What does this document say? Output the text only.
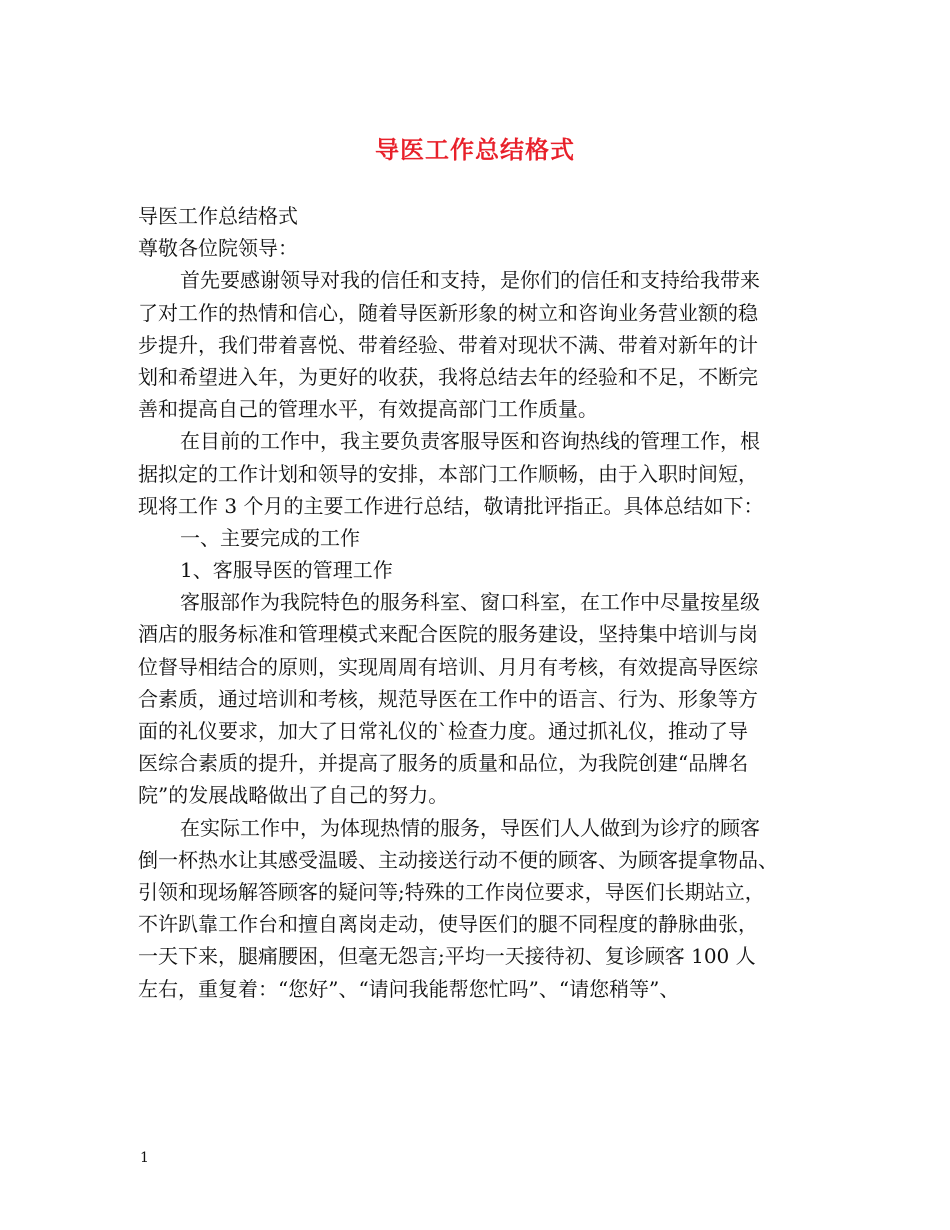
导医工作总结格式
导医工作总结格式
尊敬各位院领导：
首先要感谢领导对我的信任和支持，是你们的信任和支持给我带来
了对工作的热情和信心，随着导医新形象的树立和咨询业务营业额的稳
步提升，我们带着喜悦、带着经验、带着对现状不满、带着对新年的计
划和希望进入年，为更好的收获，我将总结去年的经验和不足，不断完
善和提高自己的管理水平，有效提高部门工作质量。
在目前的工作中，我主要负责客服导医和咨询热线的管理工作，根
据拟定的工作计划和领导的安排，本部门工作顺畅，由于入职时间短，
现将工作 3 个月的主要工作进行总结，敬请批评指正。具体总结如下：
一、主要完成的工作
1、客服导医的管理工作
客服部作为我院特色的服务科室、窗口科室，在工作中尽量按星级
酒店的服务标准和管理模式来配合医院的服务建设，坚持集中培训与岗
位督导相结合的原则，实现周周有培训、月月有考核，有效提高导医综
合素质，通过培训和考核，规范导医在工作中的语言、行为、形象等方
面的礼仪要求，加大了日常礼仪的`检查力度。通过抓礼仪，推动了导
医综合素质的提升，并提高了服务的质量和品位，为我院创建“品牌名
院”的发展战略做出了自己的努力。
在实际工作中，为体现热情的服务，导医们人人做到为诊疗的顾客
倒一杯热水让其感受温暖、主动接送行动不便的顾客、为顾客提拿物品、
引领和现场解答顾客的疑问等;特殊的工作岗位要求，导医们长期站立，
不许趴靠工作台和擅自离岗走动，使导医们的腿不同程度的静脉曲张，
一天下来，腿痛腰困，但毫无怨言;平均一天接待初、复诊顾客 100 人
左右，重复着：“您好”、“请问我能帮您忙吗”、“请您稍等”、
1
